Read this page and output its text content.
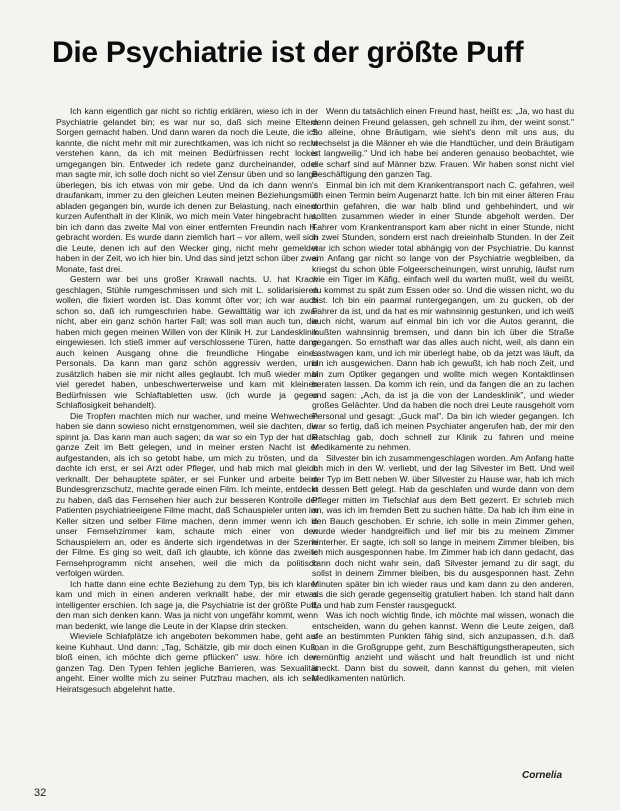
Die Psychiatrie ist der größte Puff

Ich kann eigentlich gar nicht so richtig erklären, wieso ich in der Psychiatrie gelandet bin; es war nur so, daß sich meine Eltern Sorgen gemacht haben. Und dann waren da noch die Leute, die ich kannte, die nicht mehr mit mir zurechtkamen, was ich nicht so recht verstehen kann, da ich mit meinen Bedürfnissen recht locker umgegangen bin. Entweder ich redete ganz durcheinander, oder man sagte mir, ich solle doch nicht so viel Zensur üben und so lange überlegen, bis ich etwas von mir gebe. Und da ich dann wenn's draufankam, immer zu den gleichen Leuten meinen Beziehungsmüll abladen gegangen bin, wurde ich denen zur Belastung, nach einem kurzen Aufenthalt in der Klinik, wo mich mein Vater hingebracht hat, bin ich dann das zweite Mal von einer entfernten Freundin nach H. gebracht worden. Es wurde dann ziemlich hart – vor allem, weil sich die Leute, denen ich auf den Wecker ging, nicht mehr gemeldet haben in der Zeit, wo ich hier bin. Und das sind jetzt schon über zwei Monate, fast drei.

Gestern war bei uns großer Krawall nachts. U. hat Krach geschlagen, Stühle rumgeschmissen und sich mit L. solidarisieren wollen, die fixiert worden ist. Das kommt öfter vor; ich war auch schon so, daß ich rumgeschrien habe. Gewalttätig war ich zwar nicht, aber ein ganz schön harter Fall; was soll man auch tun, die haben mich gegen meinen Willen von der Klinik H. zur Landesklinik eingewiesen. Ich stieß immer auf verschlossene Türen, hatte dann auch keinen Ausgang ohne die freundliche Hingabe eines Personals. Da kann man ganz schön aggressiv werden, und zusätzlich haben sie mir nicht alles geglaubt. Ich muß wieder mal viel geredet haben, unbeschwerterweise und kam mit kleinen Bedürfnissen wie Schlaftabletten usw. (ich wurde ja gegen Schlaflosigkeit behandelt).

Die Tropfen machten mich nur wacher, und meine Wehwechen haben sie dann sowieso nicht ernstgenommen, weil sie dachten, die spinnt ja. Das kann man auch sagen; da war so ein Typ der hat die ganze Zeit im Bett gelegen, und in meiner ersten Nacht ist er aufgestanden, als ich so getobt habe, um mich zu trösten, und da dachte ich erst, er sei Arzt oder Pfleger, und hab mich mal gleich verknallt. Der behauptete später, er sei Funker und arbeite beim Bundesgrenzschutz, machte gerade einen Film. Ich meinte, entdeckt zu haben, daß das Fernsehen hier auch zur besseren Kontrolle der Patienten psychiatrieeigene Filme macht, daß Schauspieler unten im Keller sitzen und selber Filme machen, denn immer wenn ich in unser Fernsehzimmer kam, schaute mich einer von den Schauspielern an, oder es änderte sich irgendetwas in der Szene der Filme. Es ging so weit, daß ich glaubte, ich könne das zweite Fernsehprogramm nicht ansehen, weil die mich da politisch verfolgen würden.

Ich hatte dann eine echte Beziehung zu dem Typ, bis ich klarer kam und mich in einen anderen verknallt habe, der mir etwas intelligenter erschien. Ich sage ja, die Psychiatrie ist der größte Puff, den man sich denken kann. Was ja nicht von ungefähr kommt, wenn man bedenkt, wie lange die Leute in der Klapse drin stecken.

Wieviele Schlafplätze ich angeboten bekommen habe, geht auf keine Kuhhaut. Und dann: „Tag, Schätzle, gib mir doch einen Kuß, bloß einen, ich möchte dich gerne pflücken" usw. höre ich den ganzen Tag. Den Typen fehlen jegliche Barrieren, was Sexualität angeht. Einer wollte mich zu seiner Putzfrau machen, als ich sein Heiratsgesuch abgelehnt hatte.

Wenn du tatsächlich einen Freund hast, heißt es: „Ja, wo hast du denn deinen Freund gelassen, geh schnell zu ihm, der weint sonst." So alleine, ohne Bräutigam, wie sieht's denn mit uns aus, du wechselst ja die Männer eh wie die Handtücher, und dein Bräutigam ist langweilig." Und ich habe bei anderen genauso beobachtet, wie die scharf sind auf Männer bzw. Frauen. Wir haben sonst nicht viel Beschäftigung den ganzen Tag.

Einmal bin ich mit dem Krankentransport nach C. gefahren, weil ich einen Termin beim Augenarzt hatte. Ich bin mit einer älteren Frau dorthin gefahren, die war halb blind und gehbehindert, und wir sollten zusammen wieder in einer Stunde abgeholt werden. Der Fahrer vom Krankentransport kam aber nicht in einer Stunde, nicht in zwei Stunden, sondern erst nach dreieinhalb Stunden. In der Zeit war ich schon wieder total abhängig von der Psychiatrie. Du kannst am Anfang gar nicht so lange von der Psychiatrie wegbleiben, da kriegst du schon üble Folgeerscheinungen, wirst unruhig, läufst rum wie ein Tiger im Käfig, einfach weil du warten mußt, weil du weißt, du kommst zu spät zum Essen oder so. Und die wissen nicht, wo du bist. Ich bin ein paarmal runtergegangen, um zu gucken, ob der Fahrer da ist, und da hat es mir wahnsinnig gestunken, und ich weiß auch nicht, warum auf einmal bin ich vor die Autos gerannt, die mußten wahnsinnig bremsen, und dann bin ich über die Straße gegangen. So ernsthaft war das alles auch nicht, weil, als dann ein Lastwagen kam, und ich mir überlegt habe, ob da jetzt was läuft, da bin ich ausgewichen. Dann hab ich gewußt, ich hab noch Zeit, und bin zum Optiker gegangen und wollte mich wegen Kontaktlinsen beraten lassen. Da komm ich rein, und da fangen die an zu lachen und sagen: „Ach, da ist ja die von der Landesklinik", und wieder großes Gelächter. Und da haben die noch drei Leute rausgeholt vom Personal und gesagt: „Guck mal". Da bin ich wieder gegangen. Ich war so fertig, daß ich meinen Psychiater angerufen hab, der mir den Ratschlag gab, doch schnell zur Klinik zu fahren und meine Medikamente zu nehmen.

Silvester bin ich zusammengeschlagen worden. Am Anfang hatte ich mich in den W. verliebt, und der lag Silvester im Bett. Und weil der Typ im Bett neben W. über Silvester zu Hause war, hab ich mich in dessen Bett gelegt. Hab da geschlafen und wurde dann von dem Pfleger mitten im Tiefschlaf aus dem Bett gezerrt. Er schrieb mich an, was ich im fremden Bett zu suchen hätte. Da hab ich ihm eine in den Bauch geschoben. Er schrie, ich solle in mein Zimmer gehen, wurde wieder handgreiflich und lief mir bis zu meinem Zimmer hinterher. Er sagte, ich soll so lange in meinem Zimmer bleiben, bis ich mich ausgesponnen habe. Im Zimmer hab ich dann gedacht, das kann doch nicht wahr sein, daß Silvester jemand zu dir sagt, du sollst in deinem Zimmer bleiben, bis du ausgesponnen hast. Zehn Minuten später bin ich wieder raus und kam dann zu den anderen, als die sich gerade gegenseitig gratuliert haben. Ich stand halt dann da und hab zum Fenster rausgeguckt.

Was ich noch wichtig finde, ich möchte mal wissen, wonach die entscheiden, wann du gehen kannst. Wenn die Leute zeigen, daß sie an bestimmten Punkten fähig sind, sich anzupassen, d.h. daß man in die Großgruppe geht, zum Beschäftigungstherapeuten, sich vernünftig anzieht und wäscht und halt freundlich ist und nicht aneckt. Dann bist du soweit, dann kannst du gehen, mit vielen Medikamenten natürlich.

Cornelia
32
